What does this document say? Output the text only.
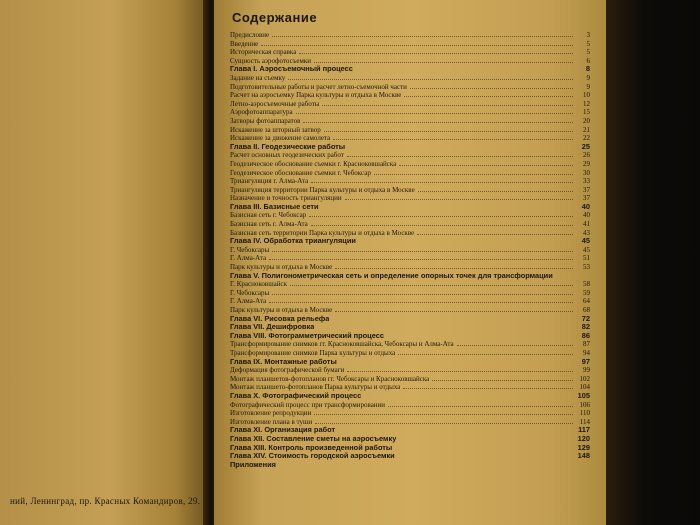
ний, Ленинград, пр. Красных Командиров, 29.
Содержание
Предисловие	3
Введение	5
Историческая справка	5
Сущность аэрофотосъемки	6
Глава I. Аэросъемочный процесс	8
Задание на съемку	9
Подготовительные работы и расчет летно-съемочной части	9
Расчет на аэросъемку Парка культуры и отдыха в Москве	10
Летно-аэросъемочные работы	12
Аэрофотоаппаратура	15
Затворы фотоаппаратов	20
Искажение за шторный затвор	21
Искажение за движение самолета	22
Глава II. Геодезические работы	25
Расчет основных геодезических работ	26
Геодезическое обоснование съемки г. Красноковшайска	29
Геодезическое обоснование съемки г. Чебоксар	30
Триангуляция г. Алма-Ата	33
Триангуляция территории Парка культуры и отдыха в Москве	37
Назначение и точность триангуляции	37
Глава III. Базисные сети	40
Базисная сеть г. Чебоксар	40
Базисная сеть г. Алма-Ата	41
Базисная сеть территории Парка культуры и отдыха в Москве	43
Глава IV. Обработка триангуляции	45
Г. Чебоксары	45
Г. Алма-Ата	51
Парк культуры и отдыха в Москве	53
Глава V. Полигонометрическая сеть и определение опорных точек для трансформации
Г. Красноковшайск	58
Г. Чебоксары	59
Г. Алма-Ата	64
Парк культуры и отдыха в Москве	68
Глава VI. Рисовка рельефа	72
Глава VII. Дешифровка	82
Глава VIII. Фотограмметрический процесс	86
Трансформирование снимков гг. Красноковшайска, Чебоксары и Алма-Ата	87
Трансформирование снимков Парка культуры и отдыха	94
Глава IX. Монтажные работы	97
Деформация фотографической бумаги	99
Монтаж планшетов-фотопланов гг. Чебоксары и Красноковшайска	102
Монтаж планшето-фотопланов Парка культуры и отдыха	104
Глава X. Фотографический процесс	105
Фотографический процесс при трансформировании	106
Изготовление репродукции	110
Изготовление плана в туши	114
Глава XI. Организация работ	117
Глава XII. Составление сметы на аэросъемку	120
Глава XIII. Контроль произведенной работы	129
Глава XIV. Стоимость городской аэросъемки	148
Приложения
